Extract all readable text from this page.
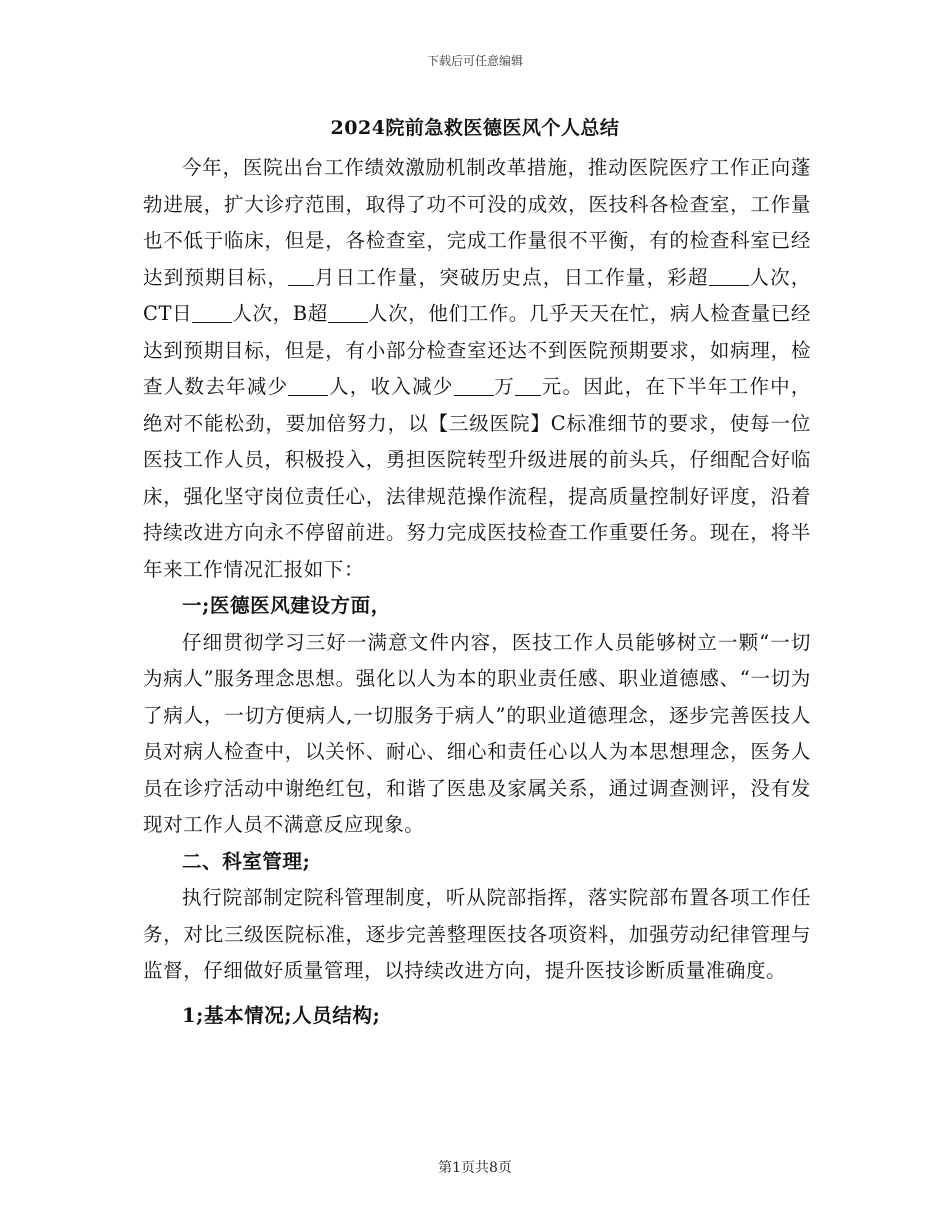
下载后可任意编辑
2024院前急救医德医风个人总结

今年，医院出台工作绩效激励机制改革措施，推动医院医疗工作正向蓬勃进展，扩大诊疗范围，取得了功不可没的成效，医技科各检查室，工作量也不低于临床，但是，各检查室，完成工作量很不平衡，有的检查科室已经达到预期目标， 月日工作量，突破历史点，日工作量，彩超 人次，CT日 人次，B超 人次，他们工作。几乎天天在忙，病人检查量已经达到预期目标，但是，有小部分检查室还达不到医院预期要求，如病理，检查人数去年减少 人，收入减少 万 元。因此，在下半年工作中，绝对不能松劲，要加倍努力，以【三级医院】C标准细节的要求，使每一位医技工作人员，积极投入，勇担医院转型升级进展的前头兵，仔细配合好临床，强化坚守岗位责任心，法律规范操作流程，提高质量控制好评度，沿着持续改进方向永不停留前进。努力完成医技检查工作重要任务。现在，将半年来工作情况汇报如下：

一;医德医风建设方面，

仔细贯彻学习三好一满意文件内容，医技工作人员能够树立一颗“一切为病人”服务理念思想。强化以人为本的职业责任感、职业道德感、“一切为了病人，一切方便病人,一切服务于病人”的职业道德理念，逐步完善医技人员对病人检查中，以关怀、耐心、细心和责任心以人为本思想理念，医务人员在诊疗活动中谢绝红包，和谐了医患及家属关系，通过调查测评，没有发现对工作人员不满意反应现象。

二、科室管理;

执行院部制定院科管理制度，听从院部指挥，落实院部布置各项工作任务，对比三级医院标准，逐步完善整理医技各项资料，加强劳动纪律管理与监督，仔细做好质量管理，以持续改进方向，提升医技诊断质量准确度。

1;基本情况;人员结构;

第1页共8页
